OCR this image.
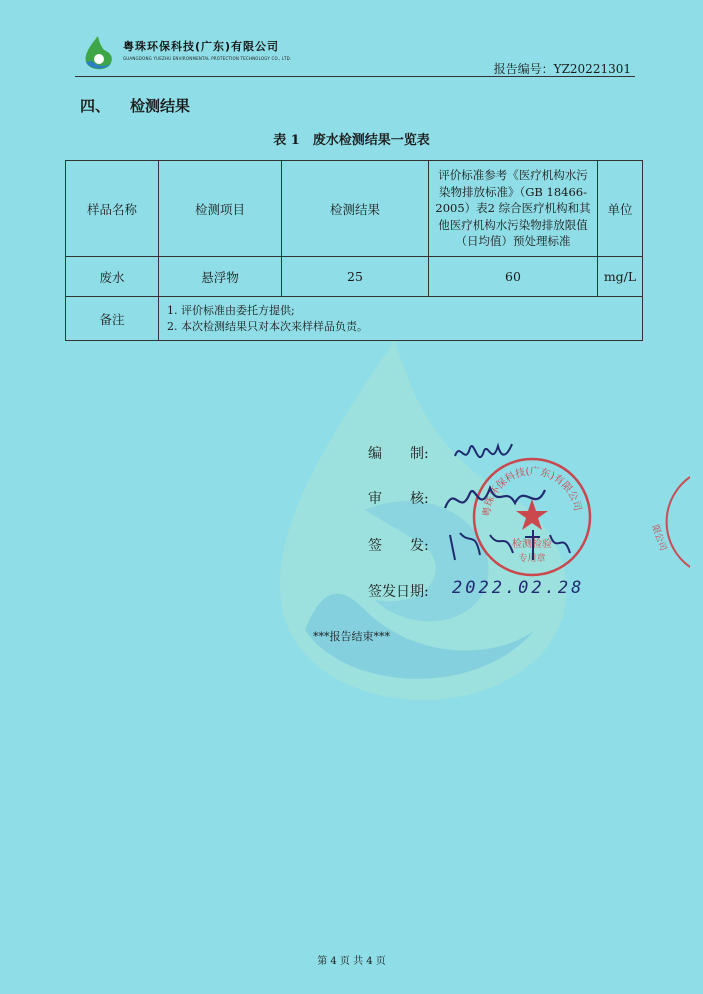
粤珠环保科技(广东)有限公司
GUANGDONG YUEZHU ENVIRONMENTAL PROTECTION TECHNOLOGY CO., LTD.
报告编号：YZ20221301
四、 检测结果
表 1　废水检测结果一览表
样品名称	检测项目	检测结果	评价标准参考《医疗机构水污染物排放标准》（GB 18466-2005）表2 综合医疗机构和其他医疗机构水污染物排放限值（日均值）预处理标准	单位
废水	悬浮物	25	60	mg/L
备注	1. 评价标准由委托方提供;
2. 本次检测结果只对本次来样样品负责。			
编　　制:
审　　核:
签　　发:
签发日期:
粤珠环保科技(广东)有限公司
检测检验
专用章
限公司
2022.02.28
***报告结束***
第 4 页 共 4 页
